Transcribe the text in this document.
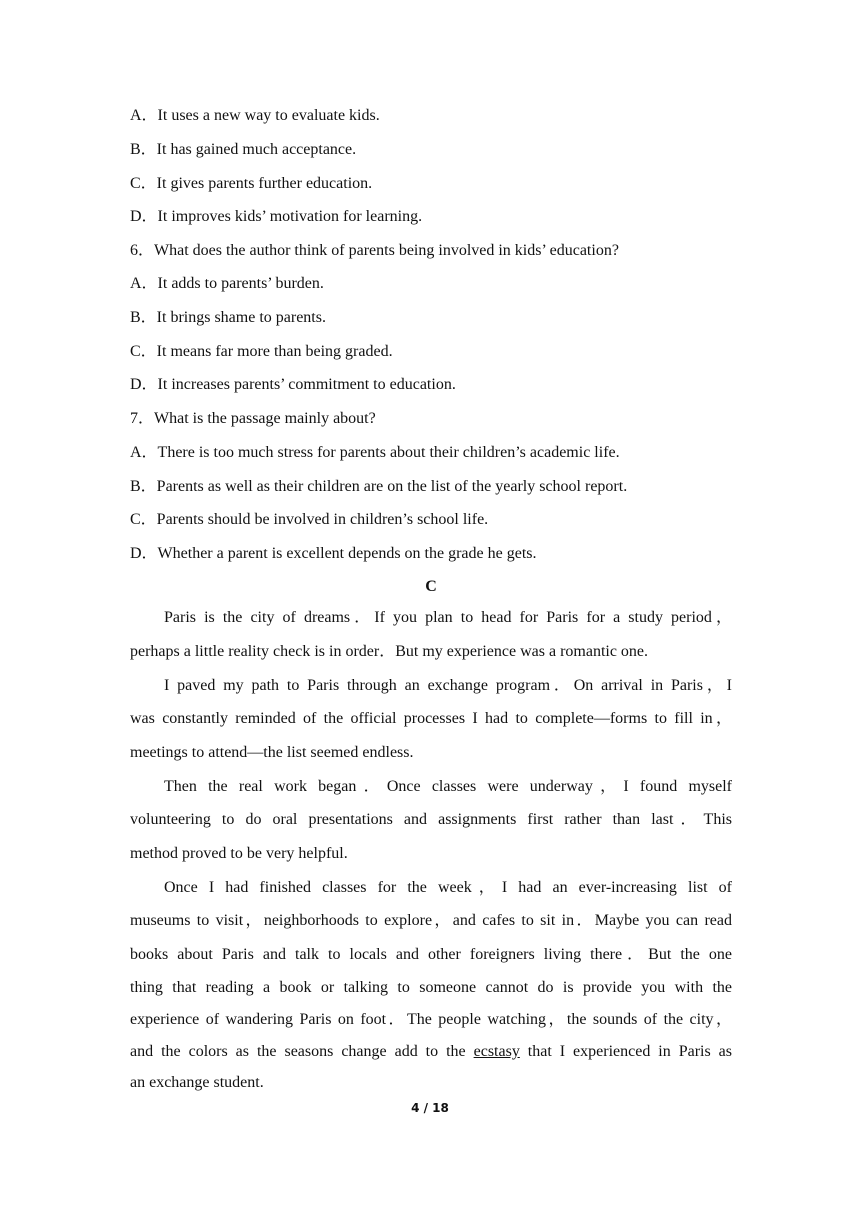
A．It uses a new way to evaluate kids.
B．It has gained much acceptance.
C．It gives parents further education.
D．It improves kids’ motivation for learning.
6．What does the author think of parents being involved in kids’ education?
A．It adds to parents’ burden.
B．It brings shame to parents.
C．It means far more than being graded.
D．It increases parents’ commitment to education.
7．What is the passage mainly about?
A．There is too much stress for parents about their children’s academic life.
B．Parents as well as their children are on the list of the yearly school report.
C．Parents should be involved in children’s school life.
D．Whether a parent is excellent depends on the grade he gets.
C
Paris is the city of dreams．If you plan to head for Paris for a study period，
perhaps a little reality check is in order．But my experience was a romantic one.
I paved my path to Paris through an exchange program．On arrival in Paris，I
was constantly reminded of the official processes I had to complete—forms to fill in，
meetings to attend—the list seemed endless.
Then the real work began．Once classes were underway，I found myself
volunteering to do oral presentations and assignments first rather than last．This
method proved to be very helpful.
Once I had finished classes for the week，I had an ever-increasing list of
museums to visit，neighborhoods to explore，and cafes to sit in．Maybe you can read
books about Paris and talk to locals and other foreigners living there．But the one
thing that reading a book or talking to someone cannot do is provide you with the
experience of wandering Paris on foot．The people watching，the sounds of the city，
and the colors as the seasons change add to the ecstasy that I experienced in Paris as
an exchange student.
4 / 18
